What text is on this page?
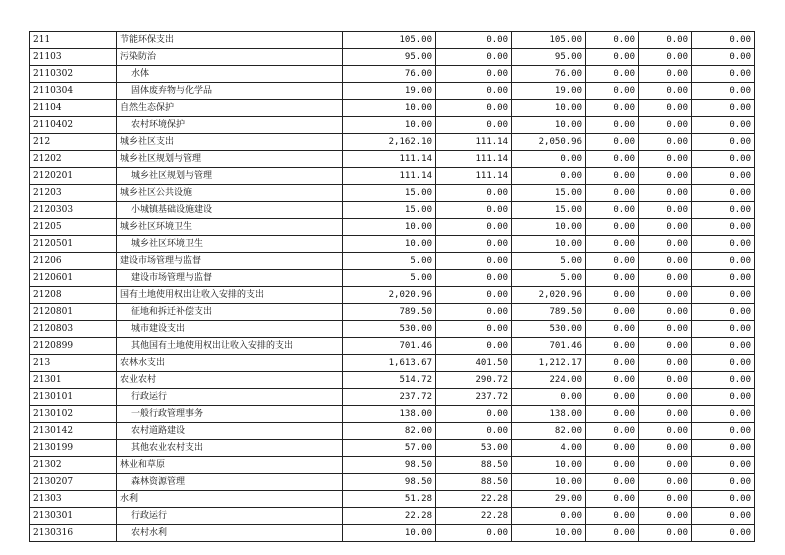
211	节能环保支出	105.00	0.00	105.00	0.00	0.00	0.00
21103	污染防治	95.00	0.00	95.00	0.00	0.00	0.00
2110302	水体	76.00	0.00	76.00	0.00	0.00	0.00
2110304	固体废弃物与化学品	19.00	0.00	19.00	0.00	0.00	0.00
21104	自然生态保护	10.00	0.00	10.00	0.00	0.00	0.00
2110402	农村环境保护	10.00	0.00	10.00	0.00	0.00	0.00
212	城乡社区支出	2,162.10	111.14	2,050.96	0.00	0.00	0.00
21202	城乡社区规划与管理	111.14	111.14	0.00	0.00	0.00	0.00
2120201	城乡社区规划与管理	111.14	111.14	0.00	0.00	0.00	0.00
21203	城乡社区公共设施	15.00	0.00	15.00	0.00	0.00	0.00
2120303	小城镇基础设施建设	15.00	0.00	15.00	0.00	0.00	0.00
21205	城乡社区环境卫生	10.00	0.00	10.00	0.00	0.00	0.00
2120501	城乡社区环境卫生	10.00	0.00	10.00	0.00	0.00	0.00
21206	建设市场管理与监督	5.00	0.00	5.00	0.00	0.00	0.00
2120601	建设市场管理与监督	5.00	0.00	5.00	0.00	0.00	0.00
21208	国有土地使用权出让收入安排的支出	2,020.96	0.00	2,020.96	0.00	0.00	0.00
2120801	征地和拆迁补偿支出	789.50	0.00	789.50	0.00	0.00	0.00
2120803	城市建设支出	530.00	0.00	530.00	0.00	0.00	0.00
2120899	其他国有土地使用权出让收入安排的支出	701.46	0.00	701.46	0.00	0.00	0.00
213	农林水支出	1,613.67	401.50	1,212.17	0.00	0.00	0.00
21301	农业农村	514.72	290.72	224.00	0.00	0.00	0.00
2130101	行政运行	237.72	237.72	0.00	0.00	0.00	0.00
2130102	一般行政管理事务	138.00	0.00	138.00	0.00	0.00	0.00
2130142	农村道路建设	82.00	0.00	82.00	0.00	0.00	0.00
2130199	其他农业农村支出	57.00	53.00	4.00	0.00	0.00	0.00
21302	林业和草原	98.50	88.50	10.00	0.00	0.00	0.00
2130207	森林资源管理	98.50	88.50	10.00	0.00	0.00	0.00
21303	水利	51.28	22.28	29.00	0.00	0.00	0.00
2130301	行政运行	22.28	22.28	0.00	0.00	0.00	0.00
2130316	农村水利	10.00	0.00	10.00	0.00	0.00	0.00
